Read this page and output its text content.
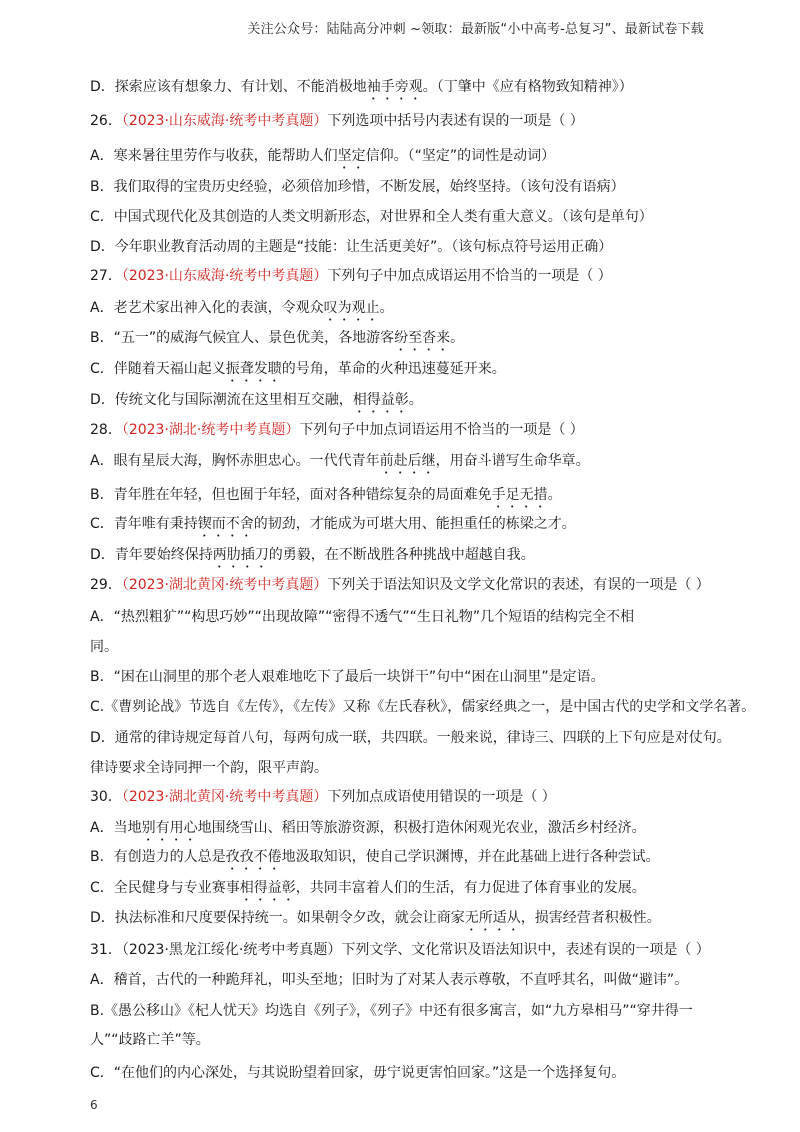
关注公众号：陆陆高分冲刺 ~领取：最新版“小中高考-总复习”、最新试卷下载
D．探索应该有想象力、有计划、不能消极地袖手旁观。（丁肇中《应有格物致知精神》）
26．（2023·山东威海·统考中考真题）下列选项中括号内表述有误的一项是（ ）
A．寒来暑往里劳作与收获，能帮助人们坚定信仰。（“坚定”的词性是动词）
B．我们取得的宝贵历史经验，必须倍加珍惜，不断发展，始终坚持。（该句没有语病）
C．中国式现代化及其创造的人类文明新形态，对世界和全人类有重大意义。（该句是单句）
D．今年职业教育活动周的主题是“技能：让生活更美好”。（该句标点符号运用正确）
27．（2023·山东威海·统考中考真题）下列句子中加点成语运用不恰当的一项是（ ）
A．老艺术家出神入化的表演，令观众叹为观止。
B．“五一”的威海气候宜人、景色优美，各地游客纷至沓来。
C．伴随着天福山起义振聋发聩的号角，革命的火种迅速蔓延开来。
D．传统文化与国际潮流在这里相互交融，相得益彰。
28．（2023·湖北·统考中考真题）下列句子中加点词语运用不恰当的一项是（ ）
A．眼有星辰大海，胸怀赤胆忠心。一代代青年前赴后继，用奋斗谱写生命华章。
B．青年胜在年轻，但也囿于年轻，面对各种错综复杂的局面难免手足无措。
C．青年唯有秉持锲而不舍的韧劲，才能成为可堪大用、能担重任的栋梁之才。
D．青年要始终保持两肋插刀的勇毅，在不断战胜各种挑战中超越自我。
29．（2023·湖北黄冈·统考中考真题）下列关于语法知识及文学文化常识的表述，有误的一项是（ ）
A．“热烈粗犷”“构思巧妙”“出现故障”“密得不透气”“生日礼物”几个短语的结构完全不相
同。
B．“困在山洞里的那个老人艰难地吃下了最后一块饼干”句中“困在山洞里”是定语。
C.《曹刿论战》节选自《左传》，《左传》又称《左氏春秋》，儒家经典之一，是中国古代的史学和文学名著。
D．通常的律诗规定每首八句，每两句成一联，共四联。一般来说，律诗三、四联的上下句应是对仗句。
律诗要求全诗同押一个韵，限平声韵。
30．（2023·湖北黄冈·统考中考真题）下列加点成语使用错误的一项是（ ）
A．当地别有用心地围绕雪山、稻田等旅游资源，积极打造休闲观光农业，激活乡村经济。
B．有创造力的人总是孜孜不倦地汲取知识，使自己学识渊博，并在此基础上进行各种尝试。
C．全民健身与专业赛事相得益彰，共同丰富着人们的生活，有力促进了体育事业的发展。
D．执法标准和尺度要保持统一。如果朝令夕改，就会让商家无所适从，损害经营者积极性。
31．（2023·黑龙江绥化·统考中考真题）下列文学、文化常识及语法知识中，表述有误的一项是（ ）
A．稽首，古代的一种跪拜礼，叩头至地；旧时为了对某人表示尊敬，不直呼其名，叫做“避讳”。
B.《愚公移山》《杞人忧天》均选自《列子》，《列子》中还有很多寓言，如“九方皋相马”“穿井得一
人”“歧路亡羊”等。
C．“在他们的内心深处，与其说盼望着回家，毋宁说更害怕回家。”这是一个选择复句。
6
